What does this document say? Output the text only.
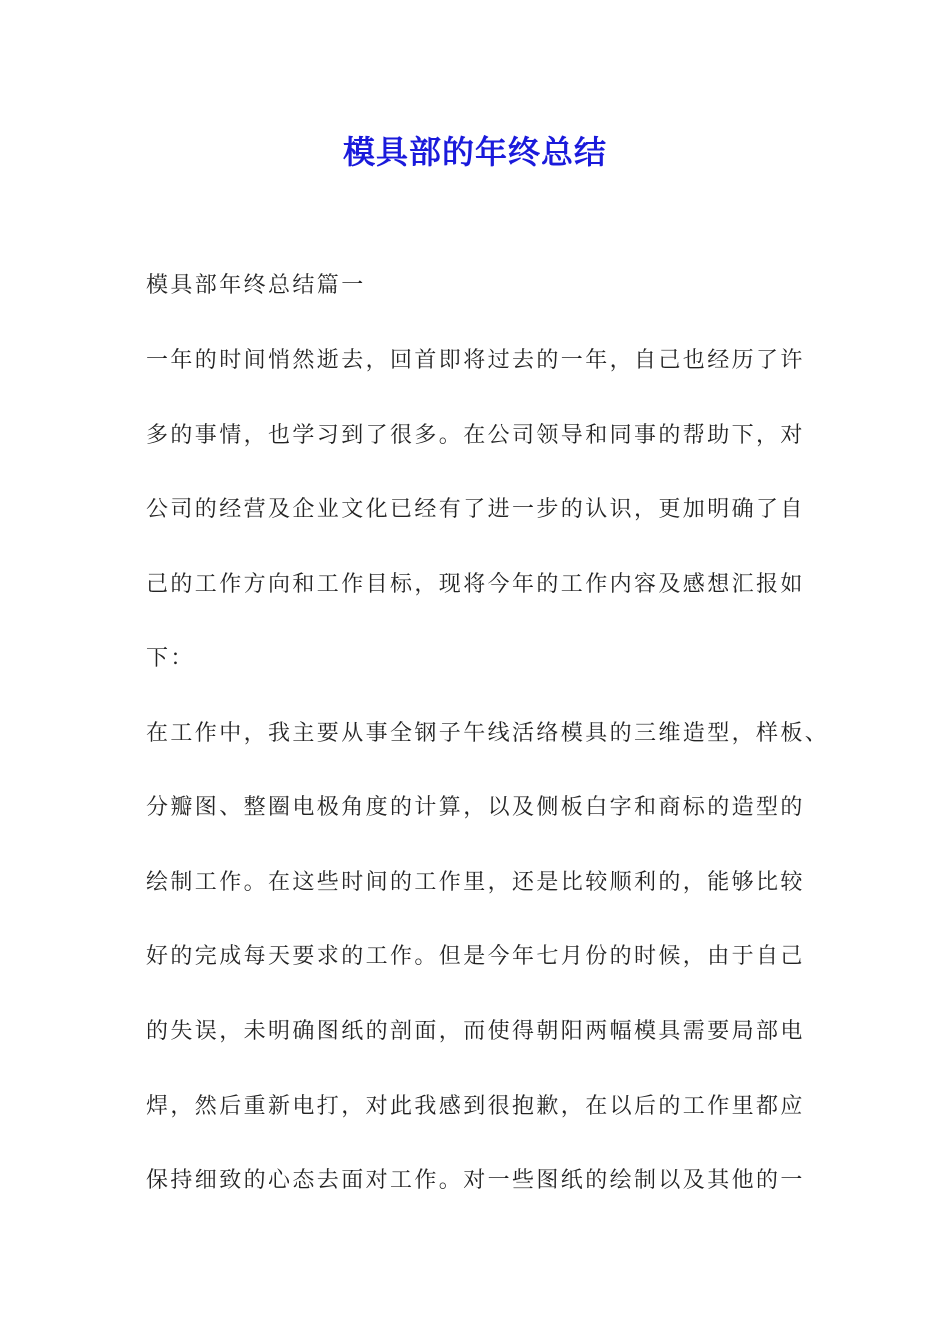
模具部的年终总结

模具部年终总结篇一

一年的时间悄然逝去，回首即将过去的一年，自己也经历了许

多的事情，也学习到了很多。在公司领导和同事的帮助下，对

公司的经营及企业文化已经有了进一步的认识，更加明确了自

己的工作方向和工作目标，现将今年的工作内容及感想汇报如

下：

在工作中，我主要从事全钢子午线活络模具的三维造型，样板、

分瓣图、整圈电极角度的计算，以及侧板白字和商标的造型的

绘制工作。在这些时间的工作里，还是比较顺利的，能够比较

好的完成每天要求的工作。但是今年七月份的时候，由于自己

的失误，未明确图纸的剖面，而使得朝阳两幅模具需要局部电

焊，然后重新电打，对此我感到很抱歉，在以后的工作里都应

保持细致的心态去面对工作。对一些图纸的绘制以及其他的一
